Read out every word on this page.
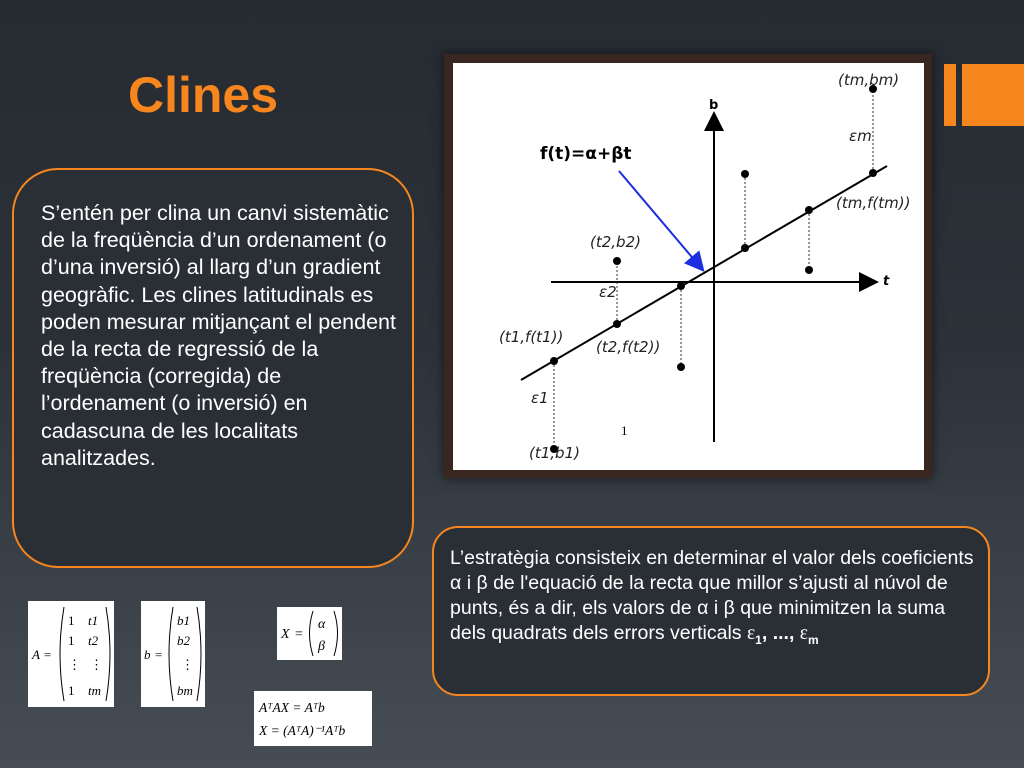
Clines
S’entén per clina un canvi sistemàtic de la freqüència d’un ordenament (o d’una inversió) al llarg d’un gradient geogràfic. Les clines latitudinals es poden mesurar mitjançant el pendent de la recta de regressió de la freqüència (corregida) de l’ordenament (o inversió) en cadascuna de les localitats analitzades.
b
t
f(t)=α+βt
(tm,bm)
εm
(tm,f(tm))
(t2,b2)
ε2
(t1,f(t1))
(t2,f(t2))
ε1
(t1,b1)
1
L’estratègia consisteix en determinar el valor dels coeficients α i β de l'equació de la recta que millor s’ajusti al núvol de punts, és a dir, els valors de α i β que minimitzen la suma dels quadrats dels errors verticals $\varepsilon_1$, ..., $\varepsilon_m$
A =
1 t1
1 t2
⋮ ⋮
1 tm
b =
b1
b2
⋮
bm
X =
α
β
AᵀAX = Aᵀb
X = (AᵀA)⁻¹Aᵀb
